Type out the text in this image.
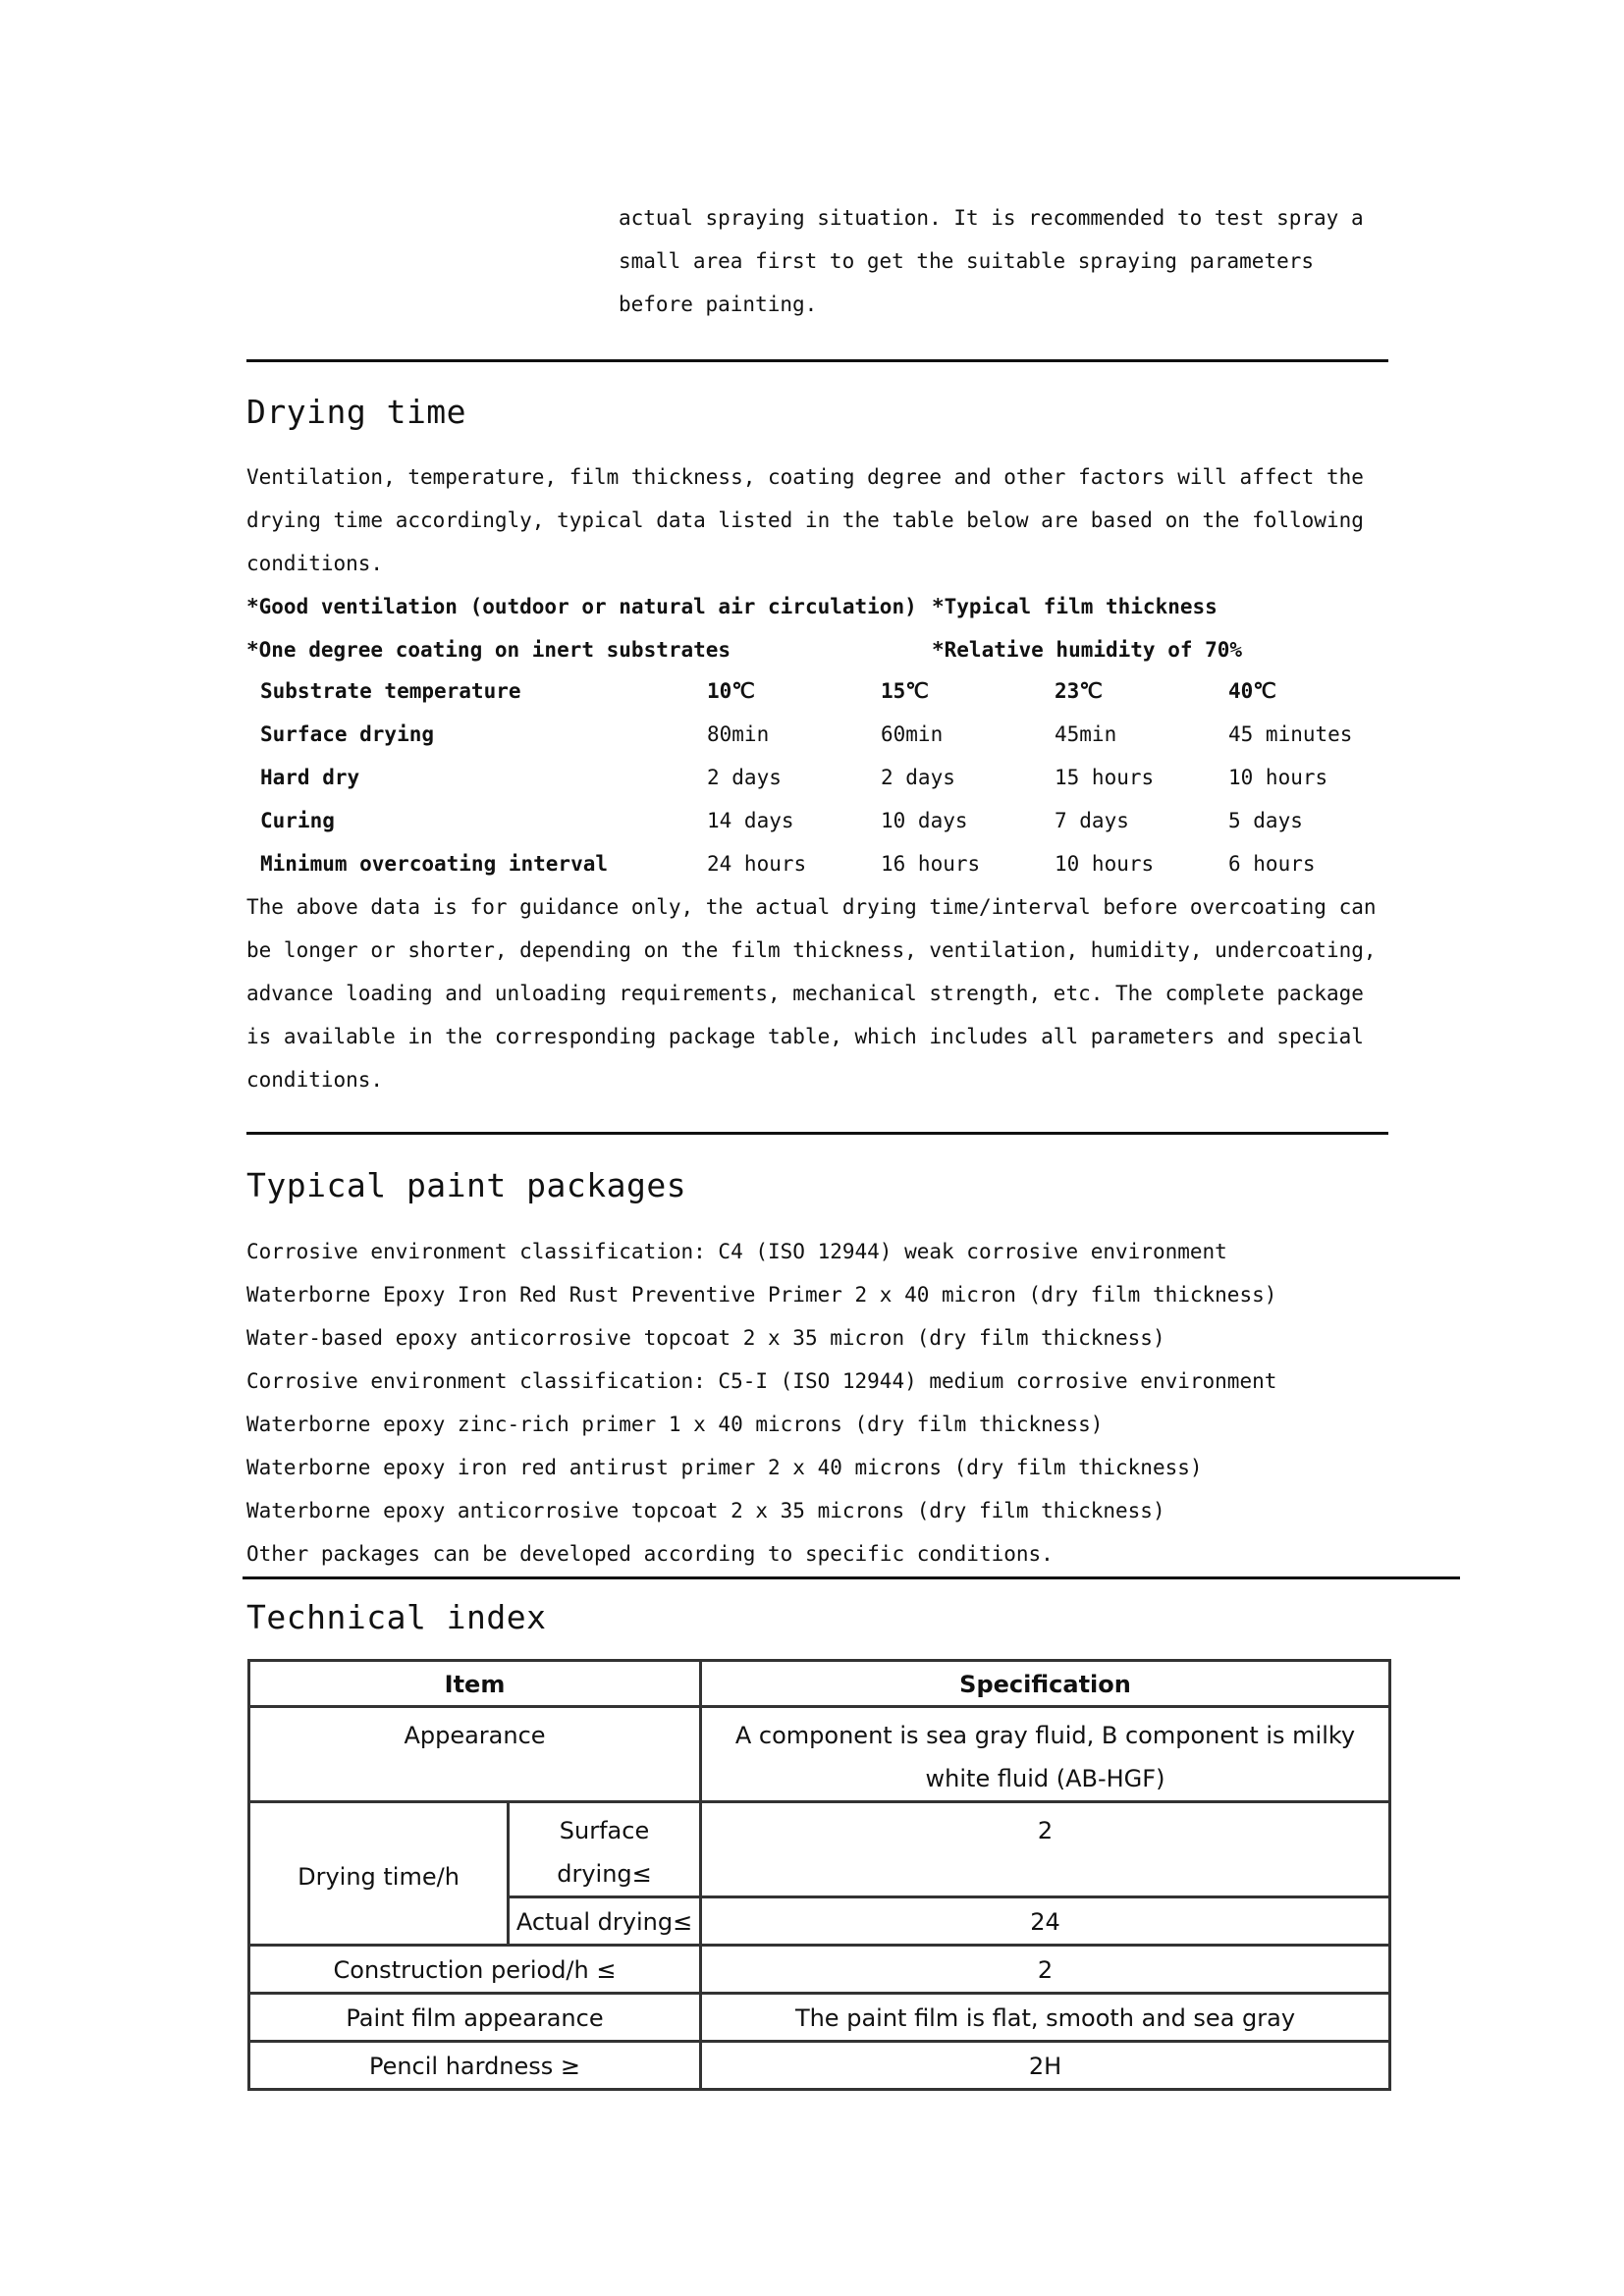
actual spraying situation. It is recommended to test spray a

small area first to get the suitable spraying parameters

before painting.

Drying time

Ventilation, temperature, film thickness, coating degree and other factors will affect the

drying time accordingly, typical data listed in the table below are based on the following

conditions.

*Good ventilation (outdoor or natural air circulation) *Typical film thickness
*One degree coating on inert substrates	*Relative humidity of 70%
Substrate temperature	10℃	15℃	23℃	40℃
Surface drying	80min	60min	45min	45 minutes
Hard dry	2 days	2 days	15 hours	10 hours
Curing	14 days	10 days	7 days	5 days
Minimum overcoating interval	24 hours	16 hours	10 hours	6 hours

The above data is for guidance only, the actual drying time/interval before overcoating can

be longer or shorter, depending on the film thickness, ventilation, humidity, undercoating,

advance loading and unloading requirements, mechanical strength, etc. The complete package

is available in the corresponding package table, which includes all parameters and special

conditions.

Typical paint packages

Corrosive environment classification: C4 (ISO 12944) weak corrosive environment

Waterborne Epoxy Iron Red Rust Preventive Primer 2 x 40 micron (dry film thickness)

Water-based epoxy anticorrosive topcoat 2 x 35 micron (dry film thickness)

Corrosive environment classification: C5-I (ISO 12944) medium corrosive environment

Waterborne epoxy zinc-rich primer 1 x 40 microns (dry film thickness)

Waterborne epoxy iron red antirust primer 2 x 40 microns (dry film thickness)

Waterborne epoxy anticorrosive topcoat 2 x 35 microns (dry film thickness)

Other packages can be developed according to specific conditions.

Technical index
Item		Specification
Appearance		A component is sea gray fluid, B component is milky
white fluid (AB-HGF)

Drying time/h	Surface
drying≤	2
	Actual drying≤	24
Construction period/h ≤		2
Paint film appearance		The paint film is flat, smooth and sea gray
Pencil hardness ≥		2H
